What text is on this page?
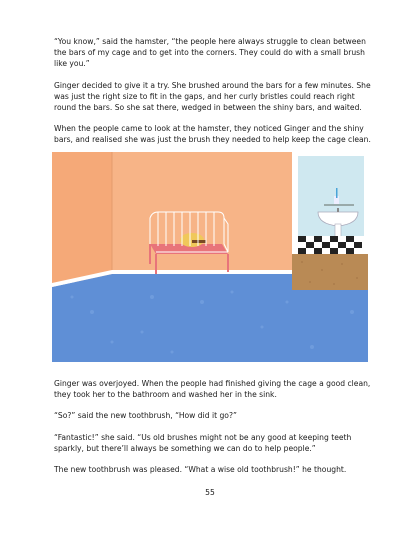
“You know,” said the hamster, “the people here always struggle to clean between the bars of my cage and to get into the corners. They could do with a small brush like you.”

Ginger decided to give it a try. She brushed around the bars for a few minutes. She was just the right size to fit in the gaps, and her curly bristles could reach right round the bars. So she sat there, wedged in between the shiny bars, and waited.

When the people came to look at the hamster, they noticed Ginger and the shiny bars, and realised she was just the brush they needed to help keep the cage clean.

Ginger was overjoyed. When the people had finished giving the cage a good clean, they took her to the bathroom and washed her in the sink.

“So?” said the new toothbrush, “How did it go?”

“Fantastic!” she said. “Us old brushes might not be any good at keeping teeth sparkly, but there’ll always be something we can do to help people.”

The new toothbrush was pleased. “What a wise old toothbrush!” he thought.

55
